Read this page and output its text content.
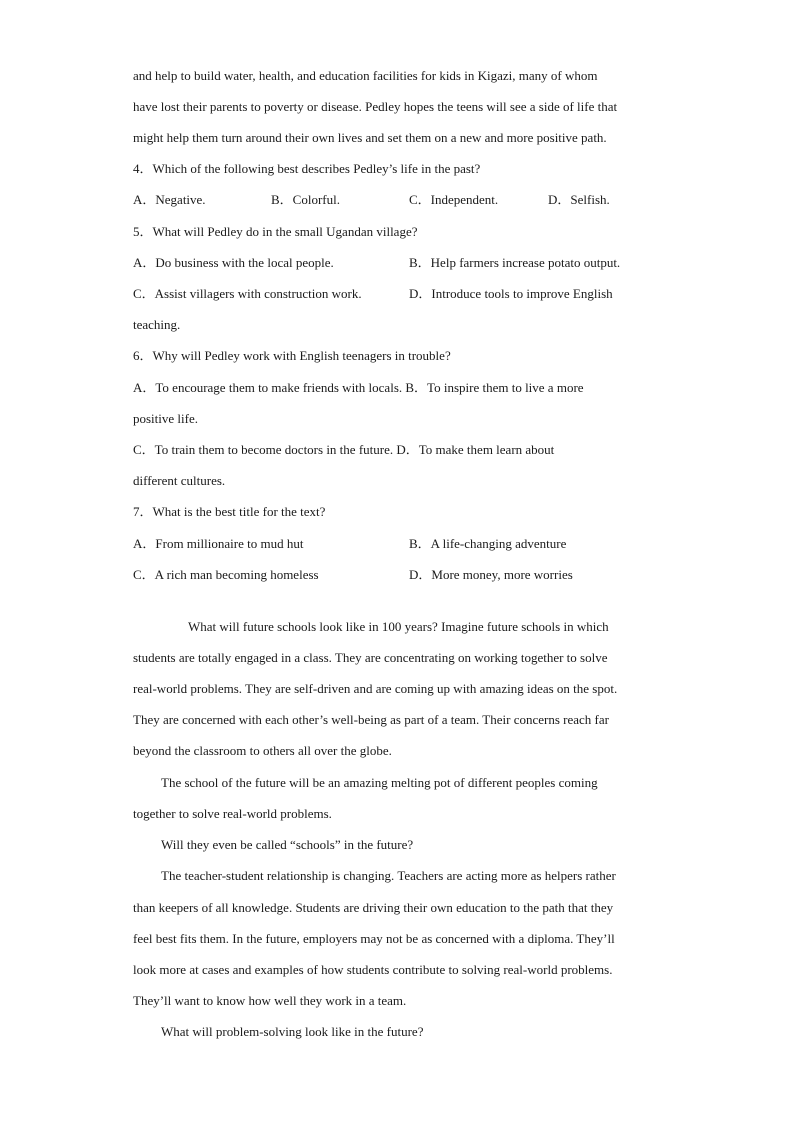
and help to build water, health, and education facilities for kids in Kigazi, many of whom
have lost their parents to poverty or disease. Pedley hopes the teens will see a side of life that
might help them turn around their own lives and set them on a new and more positive path.
4．Which of the following best describes Pedley’s life in the past?
A．Negative.	B．Colorful.	C．Independent.	D．Selfish.
5．What will Pedley do in the small Ugandan village?
A．Do business with the local people.	B．Help farmers increase potato output.
C．Assist villagers with construction work.	D．Introduce tools to improve English
teaching.
6．Why will Pedley work with English teenagers in trouble?
A．To encourage them to make friends with locals. B．To inspire them to live a more
positive life.
C．To train them to become doctors in the future. D．To make them learn about
different cultures.
7．What is the best title for the text?
A．From millionaire to mud hut	B．A life-changing adventure
C．A rich man becoming homeless	D．More money, more worries
What will future schools look like in 100 years? Imagine future schools in which
students are totally engaged in a class. They are concentrating on working together to solve
real-world problems. They are self-driven and are coming up with amazing ideas on the spot.
They are concerned with each other’s well-being as part of a team. Their concerns reach far
beyond the classroom to others all over the globe.
The school of the future will be an amazing melting pot of different peoples coming
together to solve real-world problems.
Will they even be called “schools” in the future?
The teacher-student relationship is changing. Teachers are acting more as helpers rather
than keepers of all knowledge. Students are driving their own education to the path that they
feel best fits them. In the future, employers may not be as concerned with a diploma. They’ll
look more at cases and examples of how students contribute to solving real-world problems.
They’ll want to know how well they work in a team.
What will problem-solving look like in the future?
